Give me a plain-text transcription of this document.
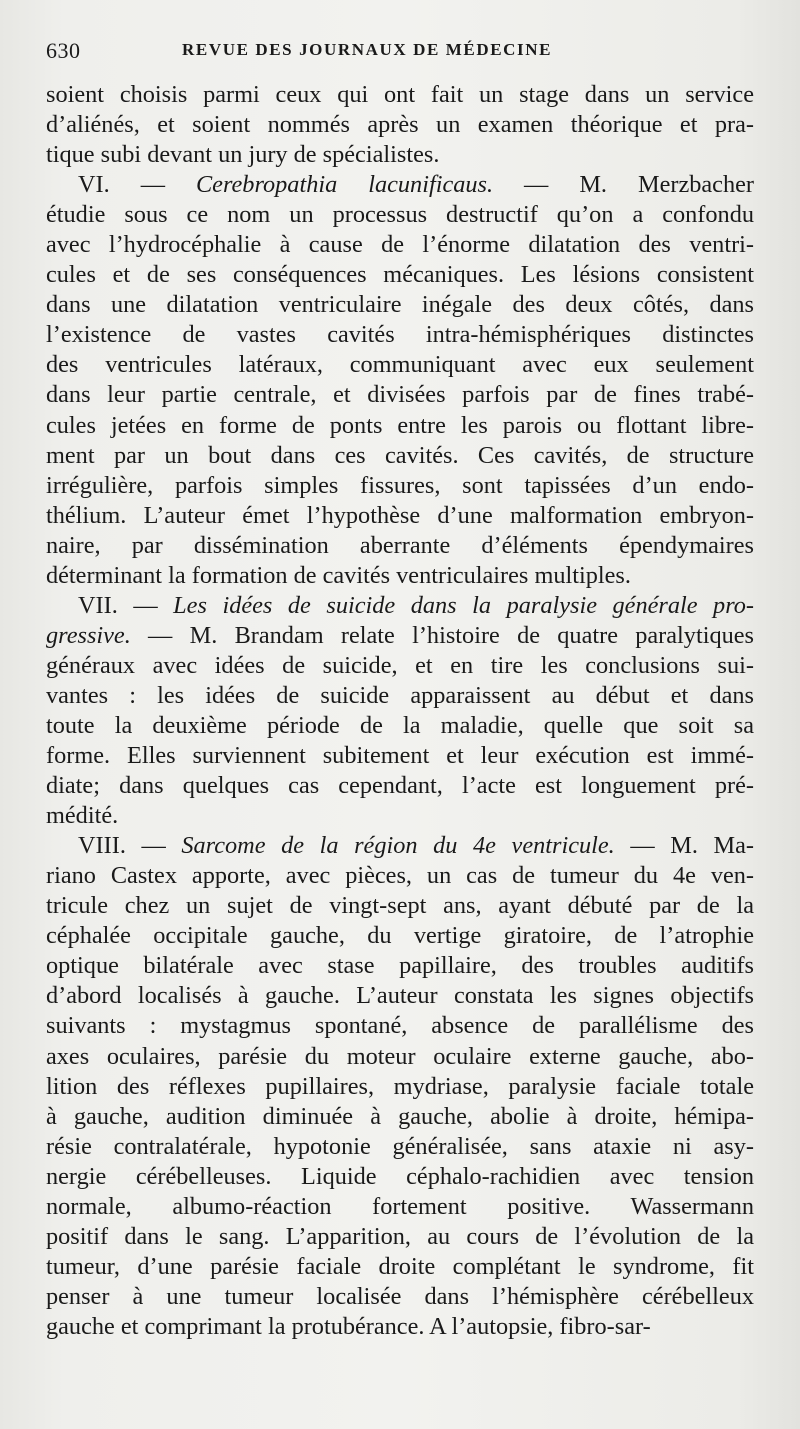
630	REVUE DES JOURNAUX DE MÉDECINE
soient choisis parmi ceux qui ont fait un stage dans un service
d’aliénés, et soient nommés après un examen théorique et pra-
tique subi devant un jury de spécialistes.
VI. — Cerebropathia lacunificaus. — M. Merzbacher
étudie sous ce nom un processus destructif qu’on a confondu
avec l’hydrocéphalie à cause de l’énorme dilatation des ventri-
cules et de ses conséquences mécaniques. Les lésions consistent
dans une dilatation ventriculaire inégale des deux côtés, dans
l’existence de vastes cavités intra-hémisphériques distinctes
des ventricules latéraux, communiquant avec eux seulement
dans leur partie centrale, et divisées parfois par de fines trabé-
cules jetées en forme de ponts entre les parois ou flottant libre-
ment par un bout dans ces cavités. Ces cavités, de structure
irrégulière, parfois simples fissures, sont tapissées d’un endo-
thélium. L’auteur émet l’hypothèse d’une malformation embryon-
naire, par dissémination aberrante d’éléments épendymaires
déterminant la formation de cavités ventriculaires multiples.
VII. — Les idées de suicide dans la paralysie générale pro-
gressive. — M. Brandam relate l’histoire de quatre paralytiques
généraux avec idées de suicide, et en tire les conclusions sui-
vantes : les idées de suicide apparaissent au début et dans
toute la deuxième période de la maladie, quelle que soit sa
forme. Elles surviennent subitement et leur exécution est immé-
diate; dans quelques cas cependant, l’acte est longuement pré-
médité.
VIII. — Sarcome de la région du 4e ventricule. — M. Ma-
riano Castex apporte, avec pièces, un cas de tumeur du 4e ven-
tricule chez un sujet de vingt-sept ans, ayant débuté par de la
céphalée occipitale gauche, du vertige giratoire, de l’atrophie
optique bilatérale avec stase papillaire, des troubles auditifs
d’abord localisés à gauche. L’auteur constata les signes objectifs
suivants : mystagmus spontané, absence de parallélisme des
axes oculaires, parésie du moteur oculaire externe gauche, abo-
lition des réflexes pupillaires, mydriase, paralysie faciale totale
à gauche, audition diminuée à gauche, abolie à droite, hémipa-
résie contralatérale, hypotonie généralisée, sans ataxie ni asy-
nergie cérébelleuses. Liquide céphalo-rachidien avec tension
normale, albumo-réaction fortement positive. Wassermann
positif dans le sang. L’apparition, au cours de l’évolution de la
tumeur, d’une parésie faciale droite complétant le syndrome, fit
penser à une tumeur localisée dans l’hémisphère cérébelleux
gauche et comprimant la protubérance. A l’autopsie, fibro-sar-
